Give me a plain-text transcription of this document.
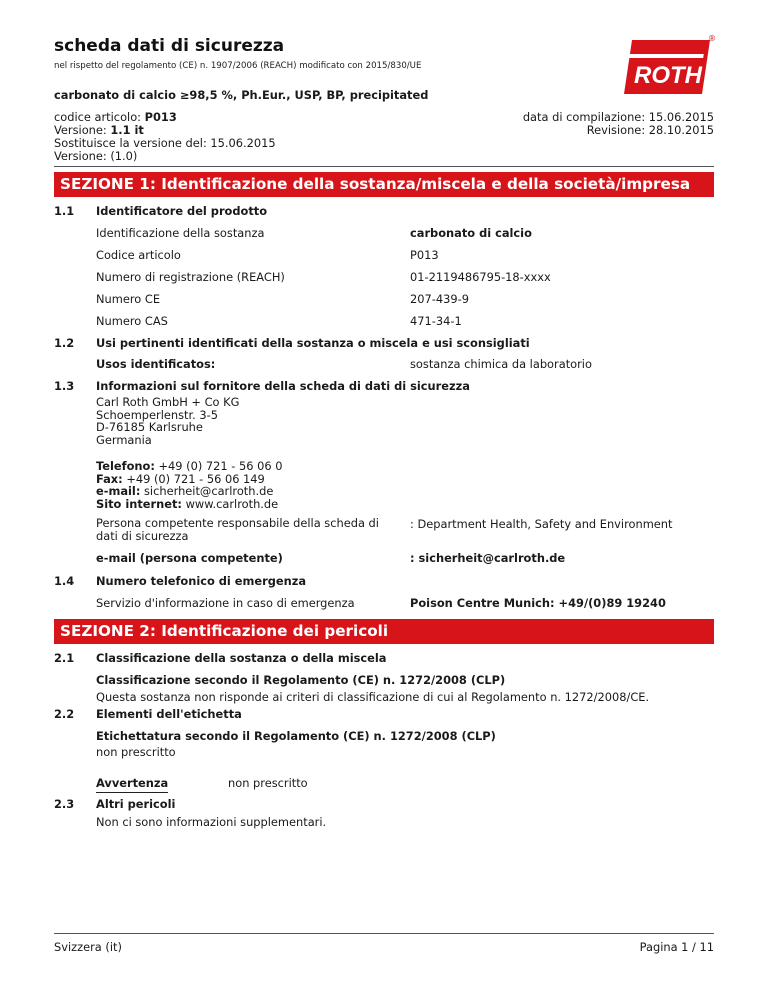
scheda dati di sicurezza
nel rispetto del regolamento (CE) n. 1907/2006 (REACH) modificato con 2015/830/UE	ROTH
®
carbonato di calcio ≥98,5 %, Ph.Eur., USP, BP, precipitated
codice articolo: P013
Versione: 1.1 it
Sostituisce la versione del: 15.06.2015
Versione: (1.0)
data di compilazione: 15.06.2015
Revisione: 28.10.2015
SEZIONE 1: Identificazione della sostanza/miscela e della società/impresa
1.1 Identificatore del prodotto
Identificazione della sostanza	carbonato di calcio
Codice articolo	P013
Numero di registrazione (REACH)	01-2119486795-18-xxxx
Numero CE	207-439-9
Numero CAS	471-34-1
1.2 Usi pertinenti identificati della sostanza o miscela e usi sconsigliati
Usos identificatos:	sostanza chimica da laboratorio
1.3 Informazioni sul fornitore della scheda di dati di sicurezza
Carl Roth GmbH + Co KG
Schoemperlenstr. 3-5
D-76185 Karlsruhe
Germania
Telefono: +49 (0) 721 - 56 06 0
Fax: +49 (0) 721 - 56 06 149
e-mail: sicherheit@carlroth.de
Sito internet: www.carlroth.de
Persona competente responsabile della scheda di
dati di sicurezza
: Department Health, Safety and Environment
e-mail (persona competente)	: sicherheit@carlroth.de
1.4 Numero telefonico di emergenza
Servizio d'informazione in caso di emergenza	Poison Centre Munich: +49/(0)89 19240
SEZIONE 2: Identificazione dei pericoli
2.1 Classificazione della sostanza o della miscela
Classificazione secondo il Regolamento (CE) n. 1272/2008 (CLP)
Questa sostanza non risponde ai criteri di classificazione di cui al Regolamento n. 1272/2008/CE.
2.2 Elementi dell'etichetta
Etichettatura secondo il Regolamento (CE) n. 1272/2008 (CLP)
non prescritto
Avvertenza	non prescritto
2.3 Altri pericoli
Non ci sono informazioni supplementari.
Svizzera (it)	Pagina 1 / 11
